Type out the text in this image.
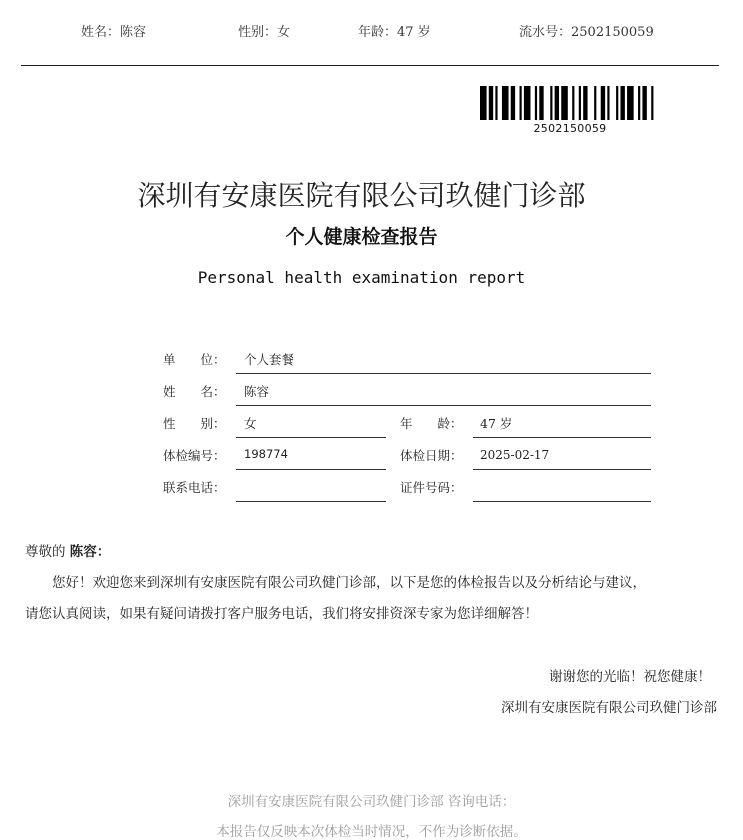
姓名：陈容	性别：女	年龄：47 岁	流水号：2502150059
2502150059
深圳有安康医院有限公司玖健门诊部
个人健康检查报告
Personal health examination report
单　　位： 个人套餐
姓　　名： 陈容
性　　别： 女	年　　龄： 47 岁
体检编号： 198774	体检日期： 2025-02-17
联系电话：	证件号码：
尊敬的 陈容：
您好！欢迎您来到深圳有安康医院有限公司玖健门诊部，以下是您的体检报告以及分析结论与建议，
请您认真阅读，如果有疑问请拨打客户服务电话，我们将安排资深专家为您详细解答！
谢谢您的光临！祝您健康！
深圳有安康医院有限公司玖健门诊部
深圳有安康医院有限公司玖健门诊部 咨询电话：
本报告仅反映本次体检当时情况，不作为诊断依据。
